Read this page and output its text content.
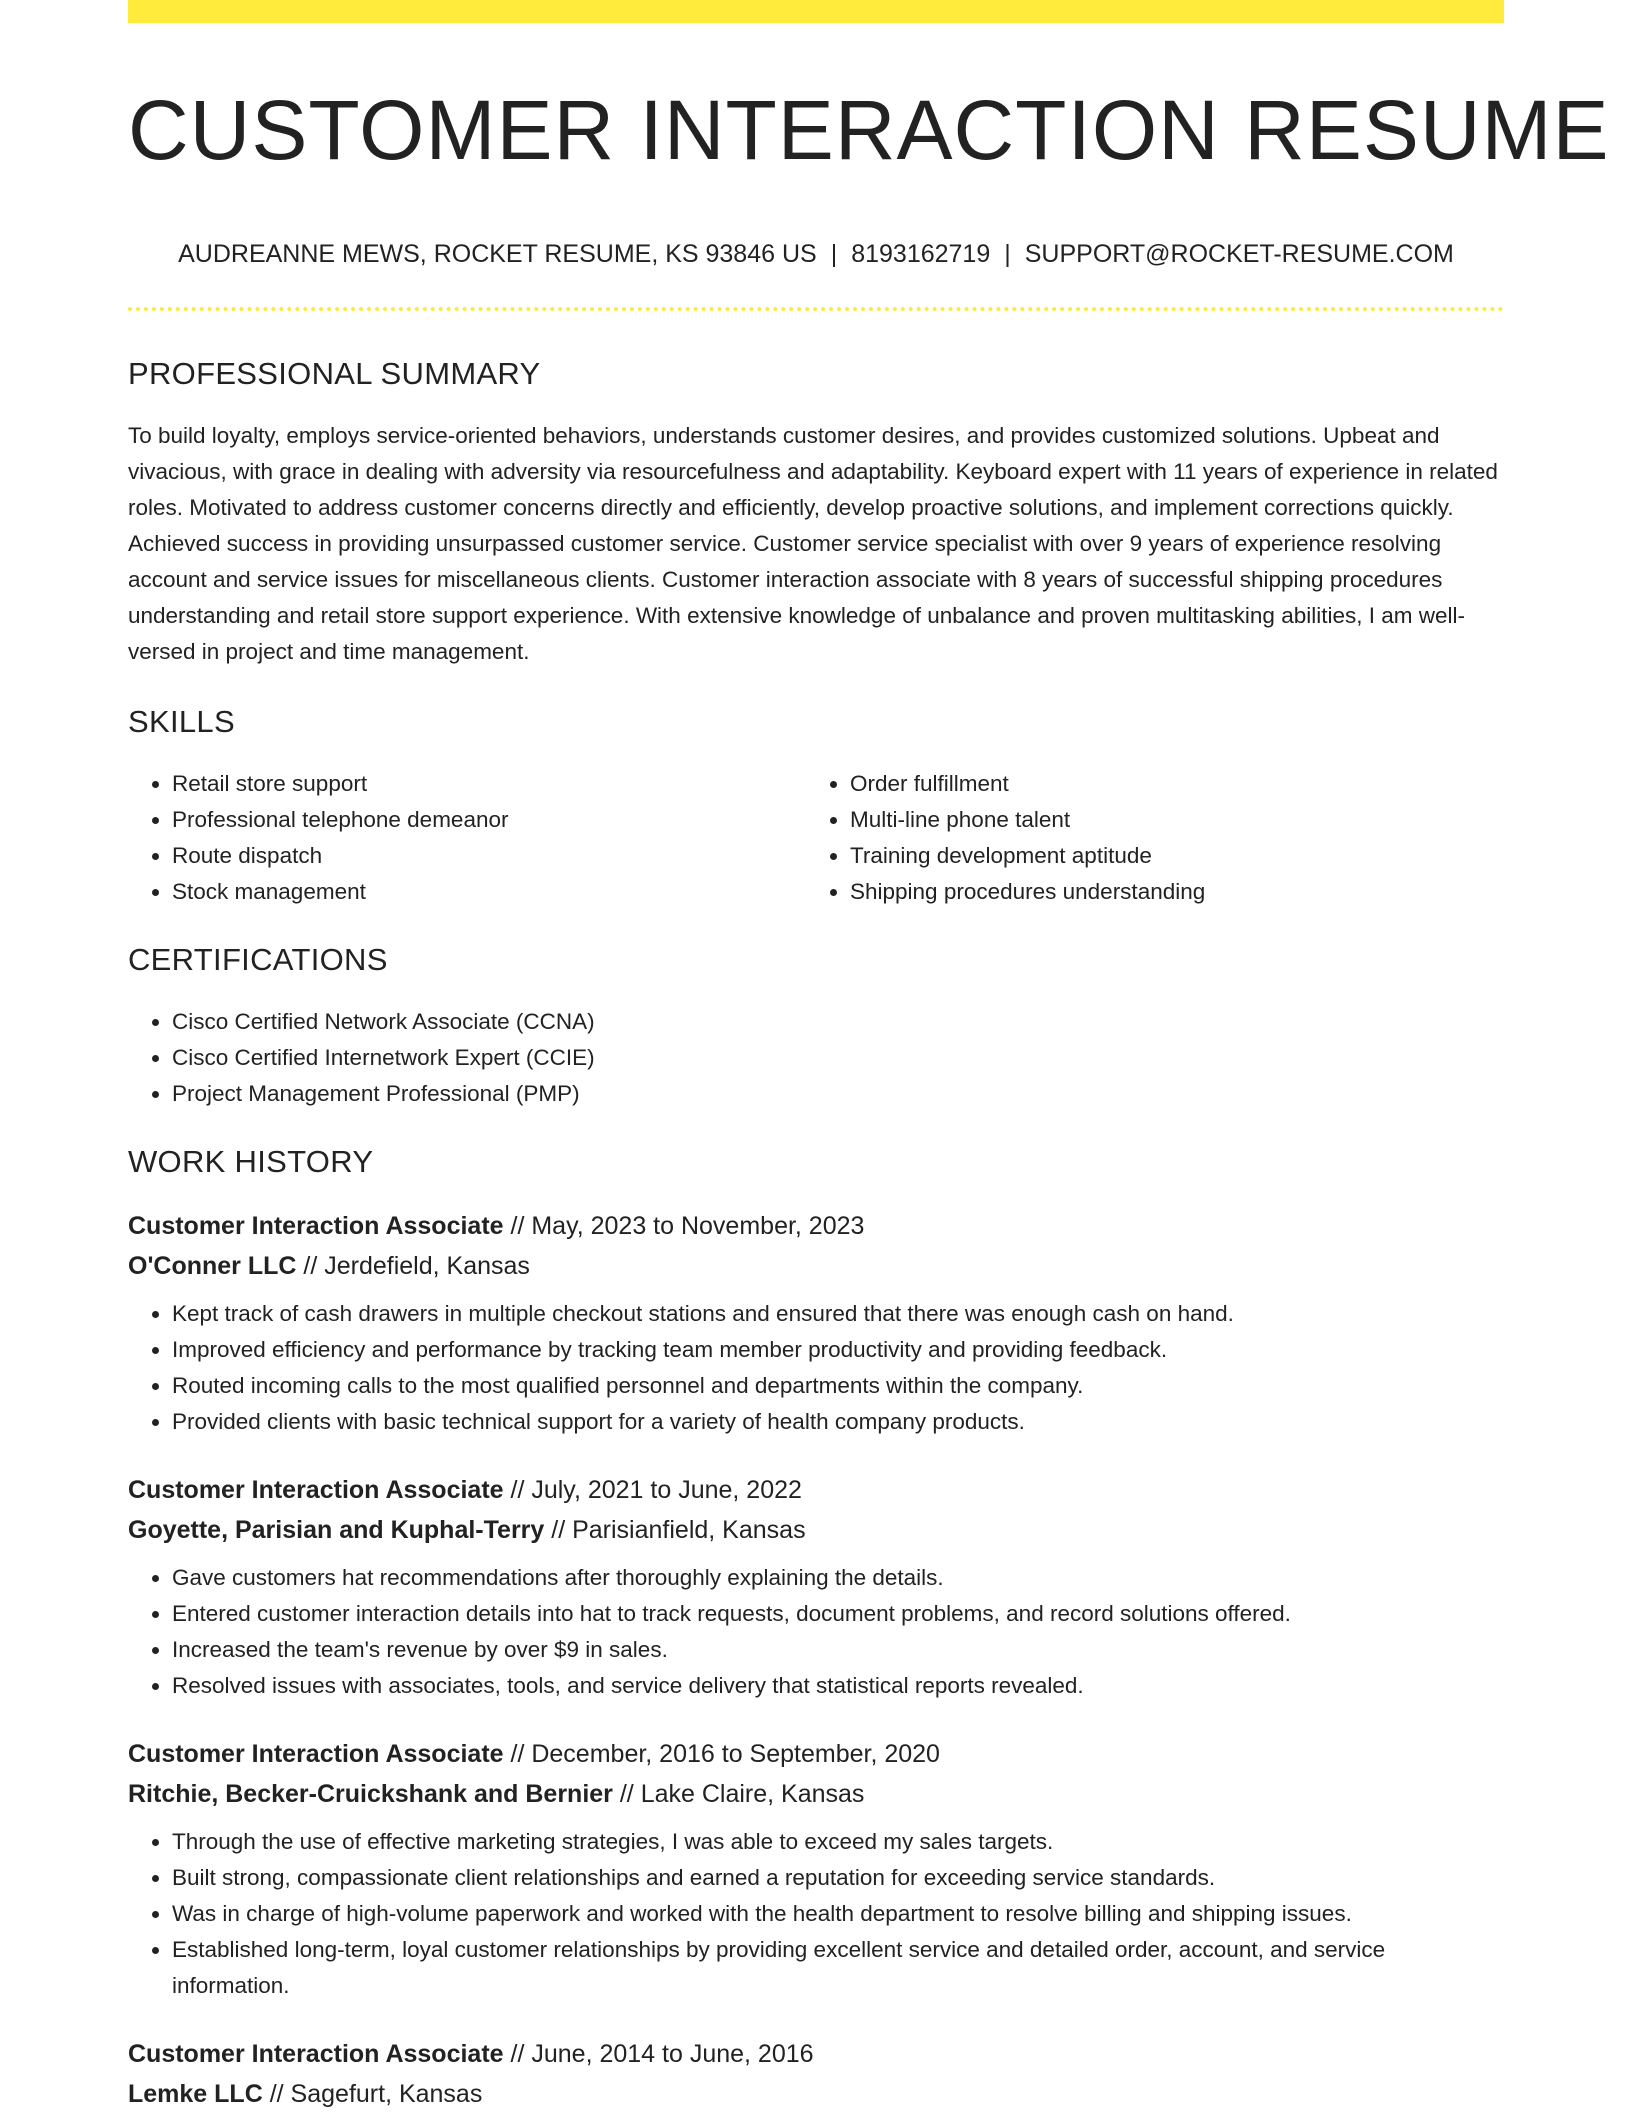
CUSTOMER INTERACTION RESUME
AUDREANNE MEWS, ROCKET RESUME, KS 93846 US | 8193162719 | SUPPORT@ROCKET-RESUME.COM
PROFESSIONAL SUMMARY

To build loyalty, employs service-oriented behaviors, understands customer desires, and provides customized solutions. Upbeat and vivacious, with grace in dealing with adversity via resourcefulness and adaptability. Keyboard expert with 11 years of experience in related roles. Motivated to address customer concerns directly and efficiently, develop proactive solutions, and implement corrections quickly. Achieved success in providing unsurpassed customer service. Customer service specialist with over 9 years of experience resolving account and service issues for miscellaneous clients. Customer interaction associate with 8 years of successful shipping procedures understanding and retail store support experience. With extensive knowledge of unbalance and proven multitasking abilities, I am well-versed in project and time management.

SKILLS
• Retail store support
• Professional telephone demeanor
• Route dispatch
• Stock management
• Order fulfillment
• Multi-line phone talent
• Training development aptitude
• Shipping procedures understanding
CERTIFICATIONS
• Cisco Certified Network Associate (CCNA)
• Cisco Certified Internetwork Expert (CCIE)
• Project Management Professional (PMP)
WORK HISTORY
Customer Interaction Associate // May, 2023 to November, 2023
O'Conner LLC // Jerdefield, Kansas
• Kept track of cash drawers in multiple checkout stations and ensured that there was enough cash on hand.
• Improved efficiency and performance by tracking team member productivity and providing feedback.
• Routed incoming calls to the most qualified personnel and departments within the company.
• Provided clients with basic technical support for a variety of health company products.
Customer Interaction Associate // July, 2021 to June, 2022
Goyette, Parisian and Kuphal-Terry // Parisianfield, Kansas
• Gave customers hat recommendations after thoroughly explaining the details.
• Entered customer interaction details into hat to track requests, document problems, and record solutions offered.
• Increased the team's revenue by over $9 in sales.
• Resolved issues with associates, tools, and service delivery that statistical reports revealed.
Customer Interaction Associate // December, 2016 to September, 2020
Ritchie, Becker-Cruickshank and Bernier // Lake Claire, Kansas
• Through the use of effective marketing strategies, I was able to exceed my sales targets.
• Built strong, compassionate client relationships and earned a reputation for exceeding service standards.
• Was in charge of high-volume paperwork and worked with the health department to resolve billing and shipping issues.
• Established long-term, loyal customer relationships by providing excellent service and detailed order, account, and service information.
Customer Interaction Associate // June, 2014 to June, 2016
Lemke LLC // Sagefurt, Kansas
